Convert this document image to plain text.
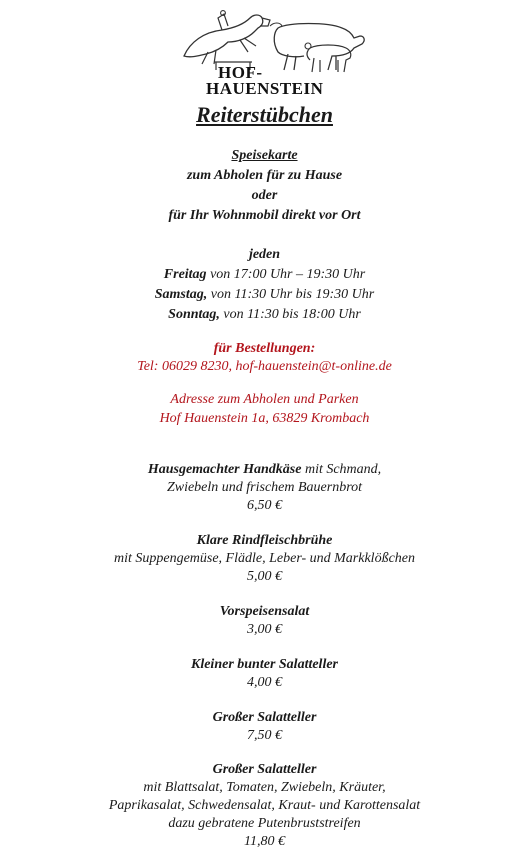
HOF-
HAUENSTEIN
Reiterstübchen
Speisekarte
zum Abholen für zu Hause
oder
für Ihr Wohnmobil direkt vor Ort
jeden
Freitag von 17:00 Uhr – 19:30 Uhr
Samstag, von 11:30 Uhr bis 19:30 Uhr
Sonntag, von 11:30 bis 18:00 Uhr
für Bestellungen:
Tel: 06029 8230, hof-hauenstein@t-online.de
Adresse zum Abholen und Parken
Hof Hauenstein 1a, 63829 Krombach
Hausgemachter Handkäse mit Schmand,
Zwiebeln und frischem Bauernbrot
6,50 €
Klare Rindfleischbrühe
mit Suppengemüse, Flädle, Leber- und Markklößchen
5,00 €
Vorspeisensalat
3,00 €
Kleiner bunter Salatteller
4,00 €
Großer Salatteller
7,50 €
Großer Salatteller
mit Blattsalat, Tomaten, Zwiebeln, Kräuter,
Paprikasalat, Schwedensalat, Kraut- und Karottensalat
dazu gebratene Putenbruststreifen
11,80 €
